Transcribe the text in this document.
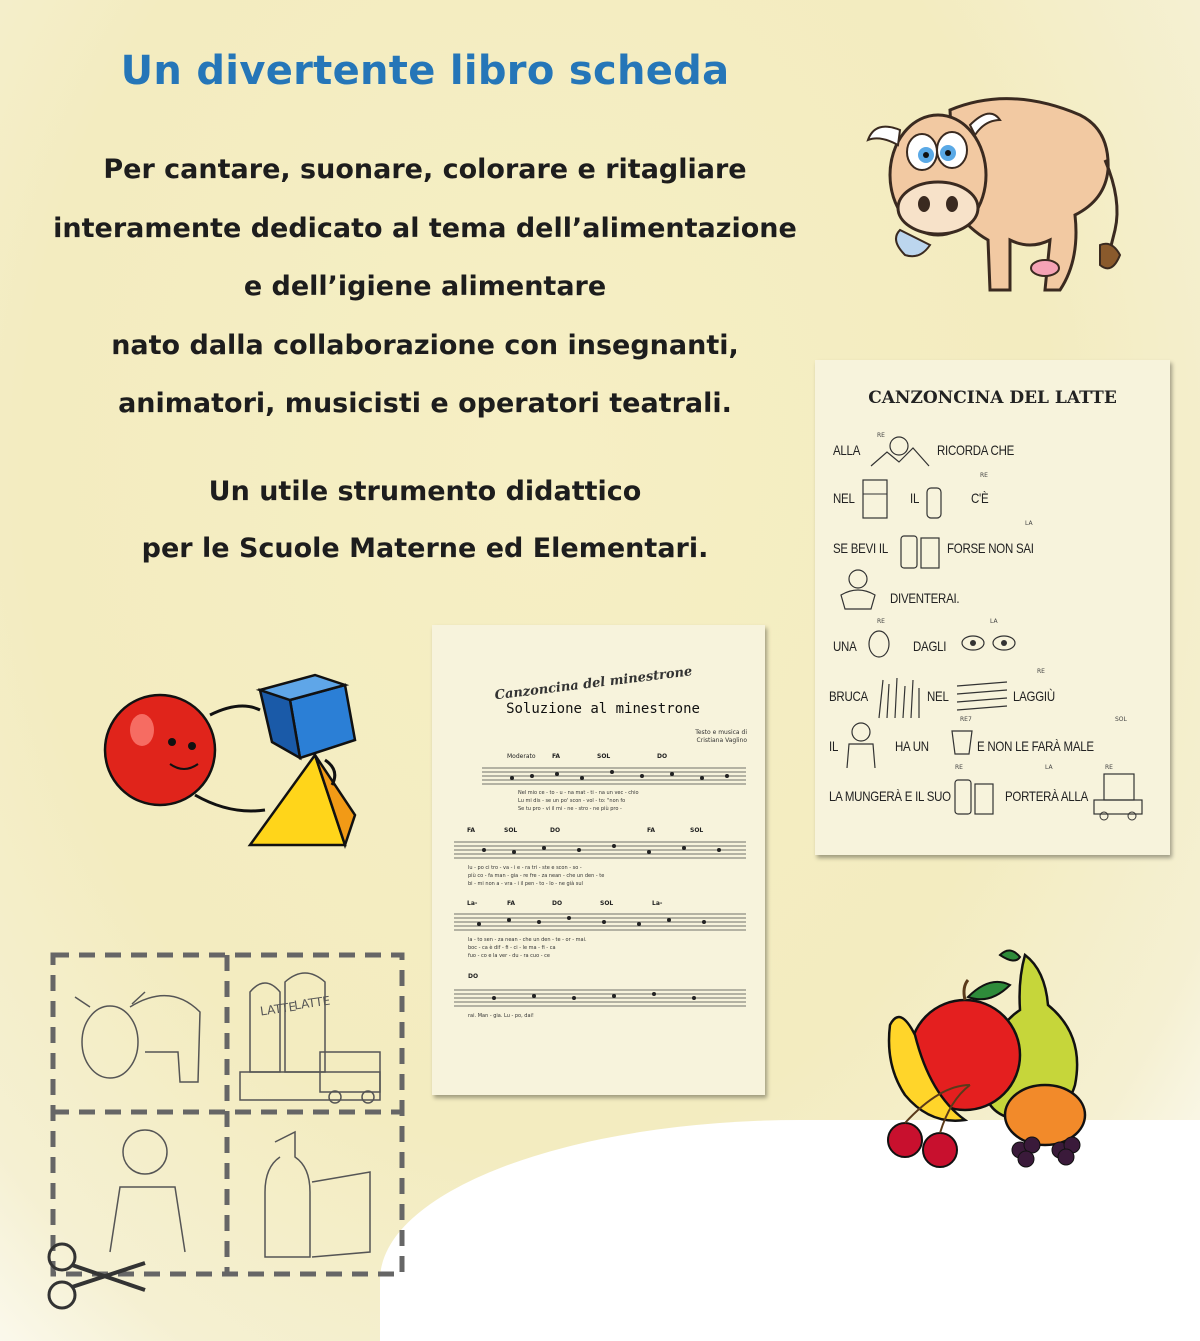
Un divertente libro scheda
Per cantare, suonare, colorare e ritagliare
interamente dedicato al tema dell’alimentazione
e dell’igiene alimentare
nato dalla collaborazione con insegnanti,
animatori, musicisti e operatori teatrali.
Un utile strumento didattico
per le Scuole Materne ed Elementari.
CANZONCINA DEL LATTE
RE
ALLA	RICORDA CHE
RE
NEL	IL	C'È
LA
SE BEVI IL	FORSE NON SAI
DIVENTERAI.
RE	LA
UNA	DAGLI
RE
BRUCA	NEL	LAGGIÙ
RE7	SOL
IL	HA UN	E NON LE FARÀ MALE
RE	LA	RE
LA MUNGERÀ E IL SUO	PORTERÀ ALLA
Canzoncina del minestrone
Soluzione al minestrone
Testo e musica di
Cristiana Vaglino
Moderato	FA	SOL	DO
Nel mio ce - to - u - na mat - ti - na un vec - chio
Lu mi dis - se un po' scon - vol - to: "non fo
Se tu pro - vi il mi - ne - stro - ne più pro -
FA	SOL	DO	FA	SOL
lu - po ci tro - va - i e - ra tri - ste e scon - so -
più co - fa man - gia - re fre - za nean - che un den - te
bi - mi non a - vra - i il pen - to - lo - ne già sul
La-	FA	DO	SOL	La-
la - to sen - za nean - che un den - te - or - mai.
boc - ca è dif - fi - ci - le ma - fi - ca
fuo - co e la ver - du - ra cuo - ce
DO
rai. Man - gia. Lu - po, dai!
LATTE
LATTE
